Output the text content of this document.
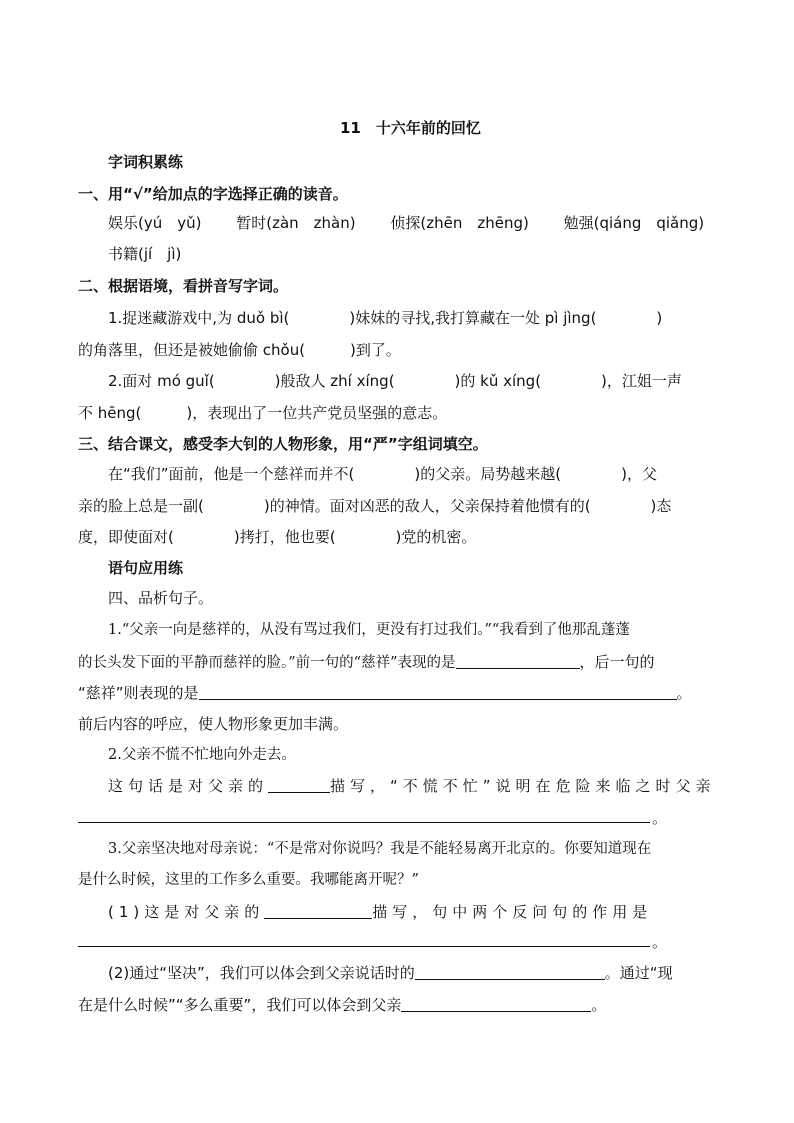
11　十六年前的回忆
字词积累练
一、用“√”给加点的字选择正确的读音。
娱乐(yú　yǔ)　　 暂时(zàn　zhàn)　　 侦探(zhēn　zhēng)　　 勉强(qiáng　qiǎng)
书籍(jí　jì)
二、根据语境，看拼音写字词。
1.捉迷藏游戏中,为 duǒ bì(　　　　)妹妹的寻找,我打算藏在一处 pì jìng(　　　　)
的角落里，但还是被她偷偷 chǒu(　　　)到了。
2.面对 mó guǐ(　　　　)般敌人 zhí xíng(　　　　)的 kǔ xíng(　　　　)，江姐一声
不 hēng(　　　)，表现出了一位共产党员坚强的意志。
三、结合课文，感受李大钊的人物形象，用“严”字组词填空。
在“我们”面前，他是一个慈祥而并不(　　　　)的父亲。局势越来越(　　　　)，父
亲的脸上总是一副(　　　　)的神情。面对凶恶的敌人，父亲保持着他惯有的(　　　　)态
度，即使面对(　　　　)拷打，他也要(　　　　)党的机密。
语句应用练
四、品析句子。
1.“父亲一向是慈祥的，从没有骂过我们，更没有打过我们。”“我看到了他那乱蓬蓬
的长头发下面的平静而慈祥的脸。”前一句的“慈祥”表现的是	，后一句的
“慈祥”则表现的是	。
前后内容的呼应，使人物形象更加丰满。
2.父亲不慌不忙地向外走去。
这句话是对父亲的	描写，“不慌不忙”说明在危险来临之时父亲
。
3.父亲坚决地对母亲说：“不是常对你说吗？我是不能轻易离开北京的。你要知道现在
是什么时候，这里的工作多么重要。我哪能离开呢？”
(1)这是对父亲的	描写，句中两个反问句的作用是
。
(2)通过“坚决”，我们可以体会到父亲说话时的	。通过“现
在是什么时候”“多么重要”，我们可以体会到父亲	。
